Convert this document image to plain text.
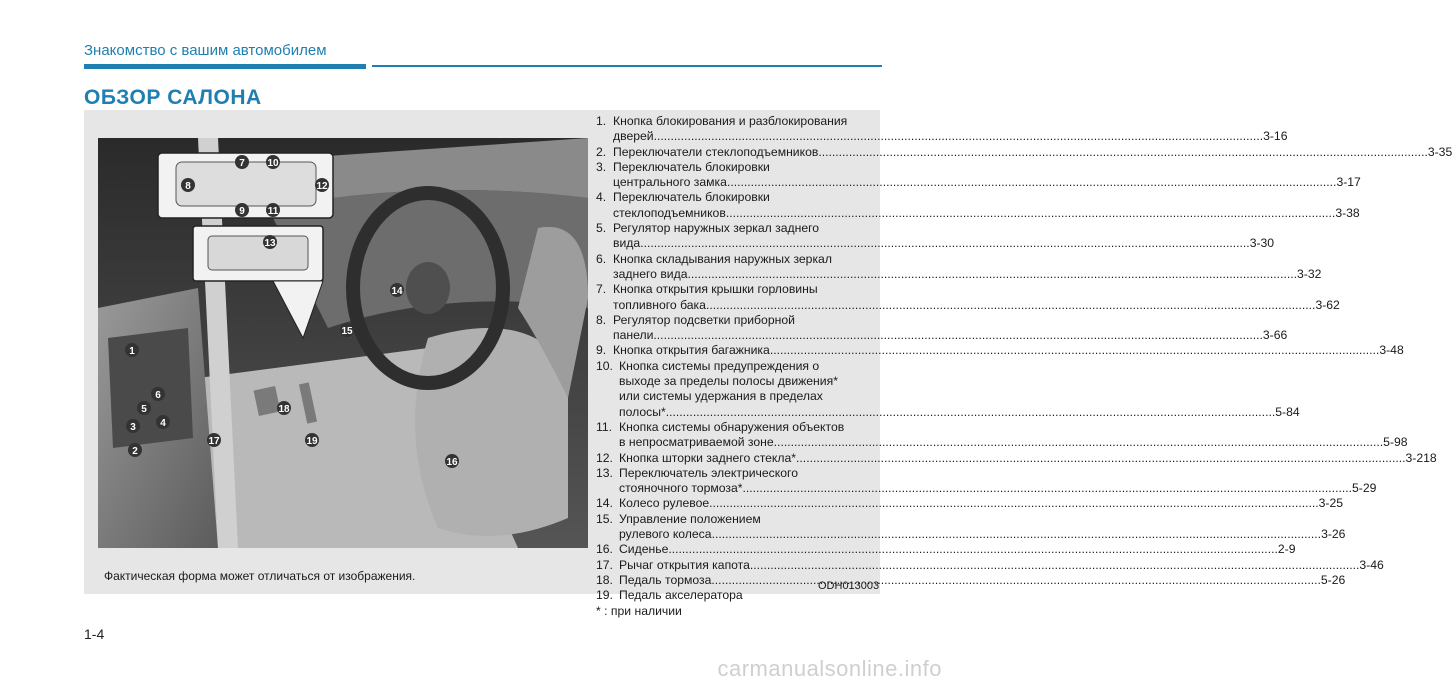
Знакомство с вашим автомобилем
ОБЗОР САЛОНА
7 10
8	12
9 11
13
14
15
1
6
5
4
3
2
18
17	19
16
1. Кнопка блокирования и разблокирования
дверей .....	3-16
2. Переключатели стеклоподъемников .....	3-35
3. Переключатель блокировки
центрального замка .....	3-17
4. Переключатель блокировки
стеклоподъемников .....	3-38
5. Регулятор наружных зеркал заднего
вида .....	3-30
6. Кнопка складывания наружных зеркал
заднего вида .....	3-32
7. Кнопка открытия крышки горловины
топливного бака .....	3-62
8. Регулятор подсветки приборной
панели .....	3-66
9. Кнопка открытия багажника .....	3-48
10. Кнопка системы предупреждения о
выходе за пределы полосы движения*
или системы удержания в пределах
полосы* .....	5-84
11. Кнопка системы обнаружения объектов
в непросматриваемой зоне .....	5-98
12. Кнопка шторки заднего стекла* .....	3-218
13. Переключатель электрического
стояночного тормоза* .....	5-29
14. Колесо рулевое .....	3-25
15. Управление положением
рулевого колеса .....	3-26
16. Сиденье .....	2-9
17. Рычаг открытия капота .....	3-46
18. Педаль тормоза .....	5-26
19. Педаль акселератора
* : при наличии
Фактическая форма может отличаться от изображения.
ODH013003
1-4
carmanualsonline.info
